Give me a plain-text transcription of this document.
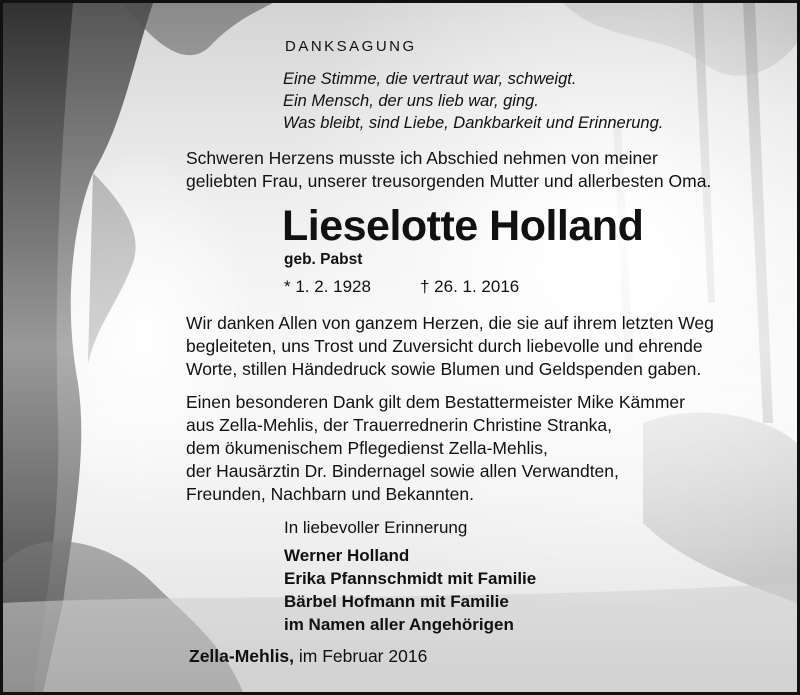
DANKSAGUNG
Eine Stimme, die vertraut war, schweigt.
Ein Mensch, der uns lieb war, ging.
Was bleibt, sind Liebe, Dankbarkeit und Erinnerung.
Schweren Herzens musste ich Abschied nehmen von meiner
geliebten Frau, unserer treusorgenden Mutter und allerbesten Oma.
Lieselotte Holland
geb. Pabst
* 1. 2. 1928	† 26. 1. 2016
Wir danken Allen von ganzem Herzen, die sie auf ihrem letzten Weg
begleiteten, uns Trost und Zuversicht durch liebevolle und ehrende
Worte, stillen Händedruck sowie Blumen und Geldspenden gaben.
Einen besonderen Dank gilt dem Bestattermeister Mike Kämmer
aus Zella-Mehlis, der Trauerrednerin Christine Stranka,
dem ökumenischem Pflegedienst Zella-Mehlis,
der Hausärztin Dr. Bindernagel sowie allen Verwandten,
Freunden, Nachbarn und Bekannten.
In liebevoller Erinnerung
Werner Holland
Erika Pfannschmidt mit Familie
Bärbel Hofmann mit Familie
im Namen aller Angehörigen
Zella-Mehlis, im Februar 2016
